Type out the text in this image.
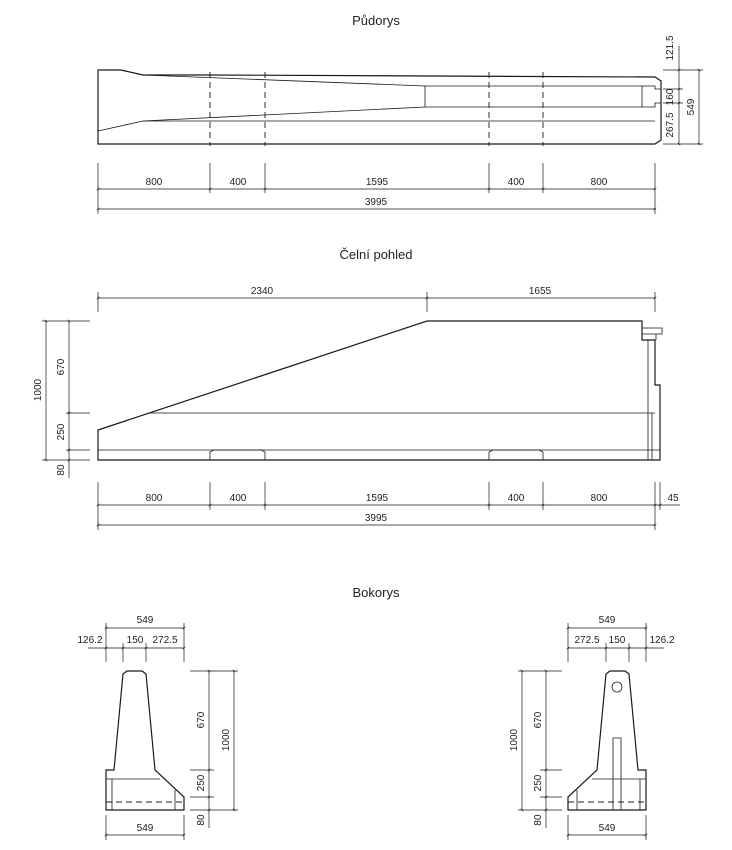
Půdorys
800	400	1595	400	800
3995
121.5
160
267.5
549
Čelní pohled
2340	1655
670
250
80
1000
800	400	1595	400	800	45
3995
Bokorys
549
126.2 150 272.5
670
250
80
1000
549
549
272.5 150 126.2
670
250
80
1000
549
